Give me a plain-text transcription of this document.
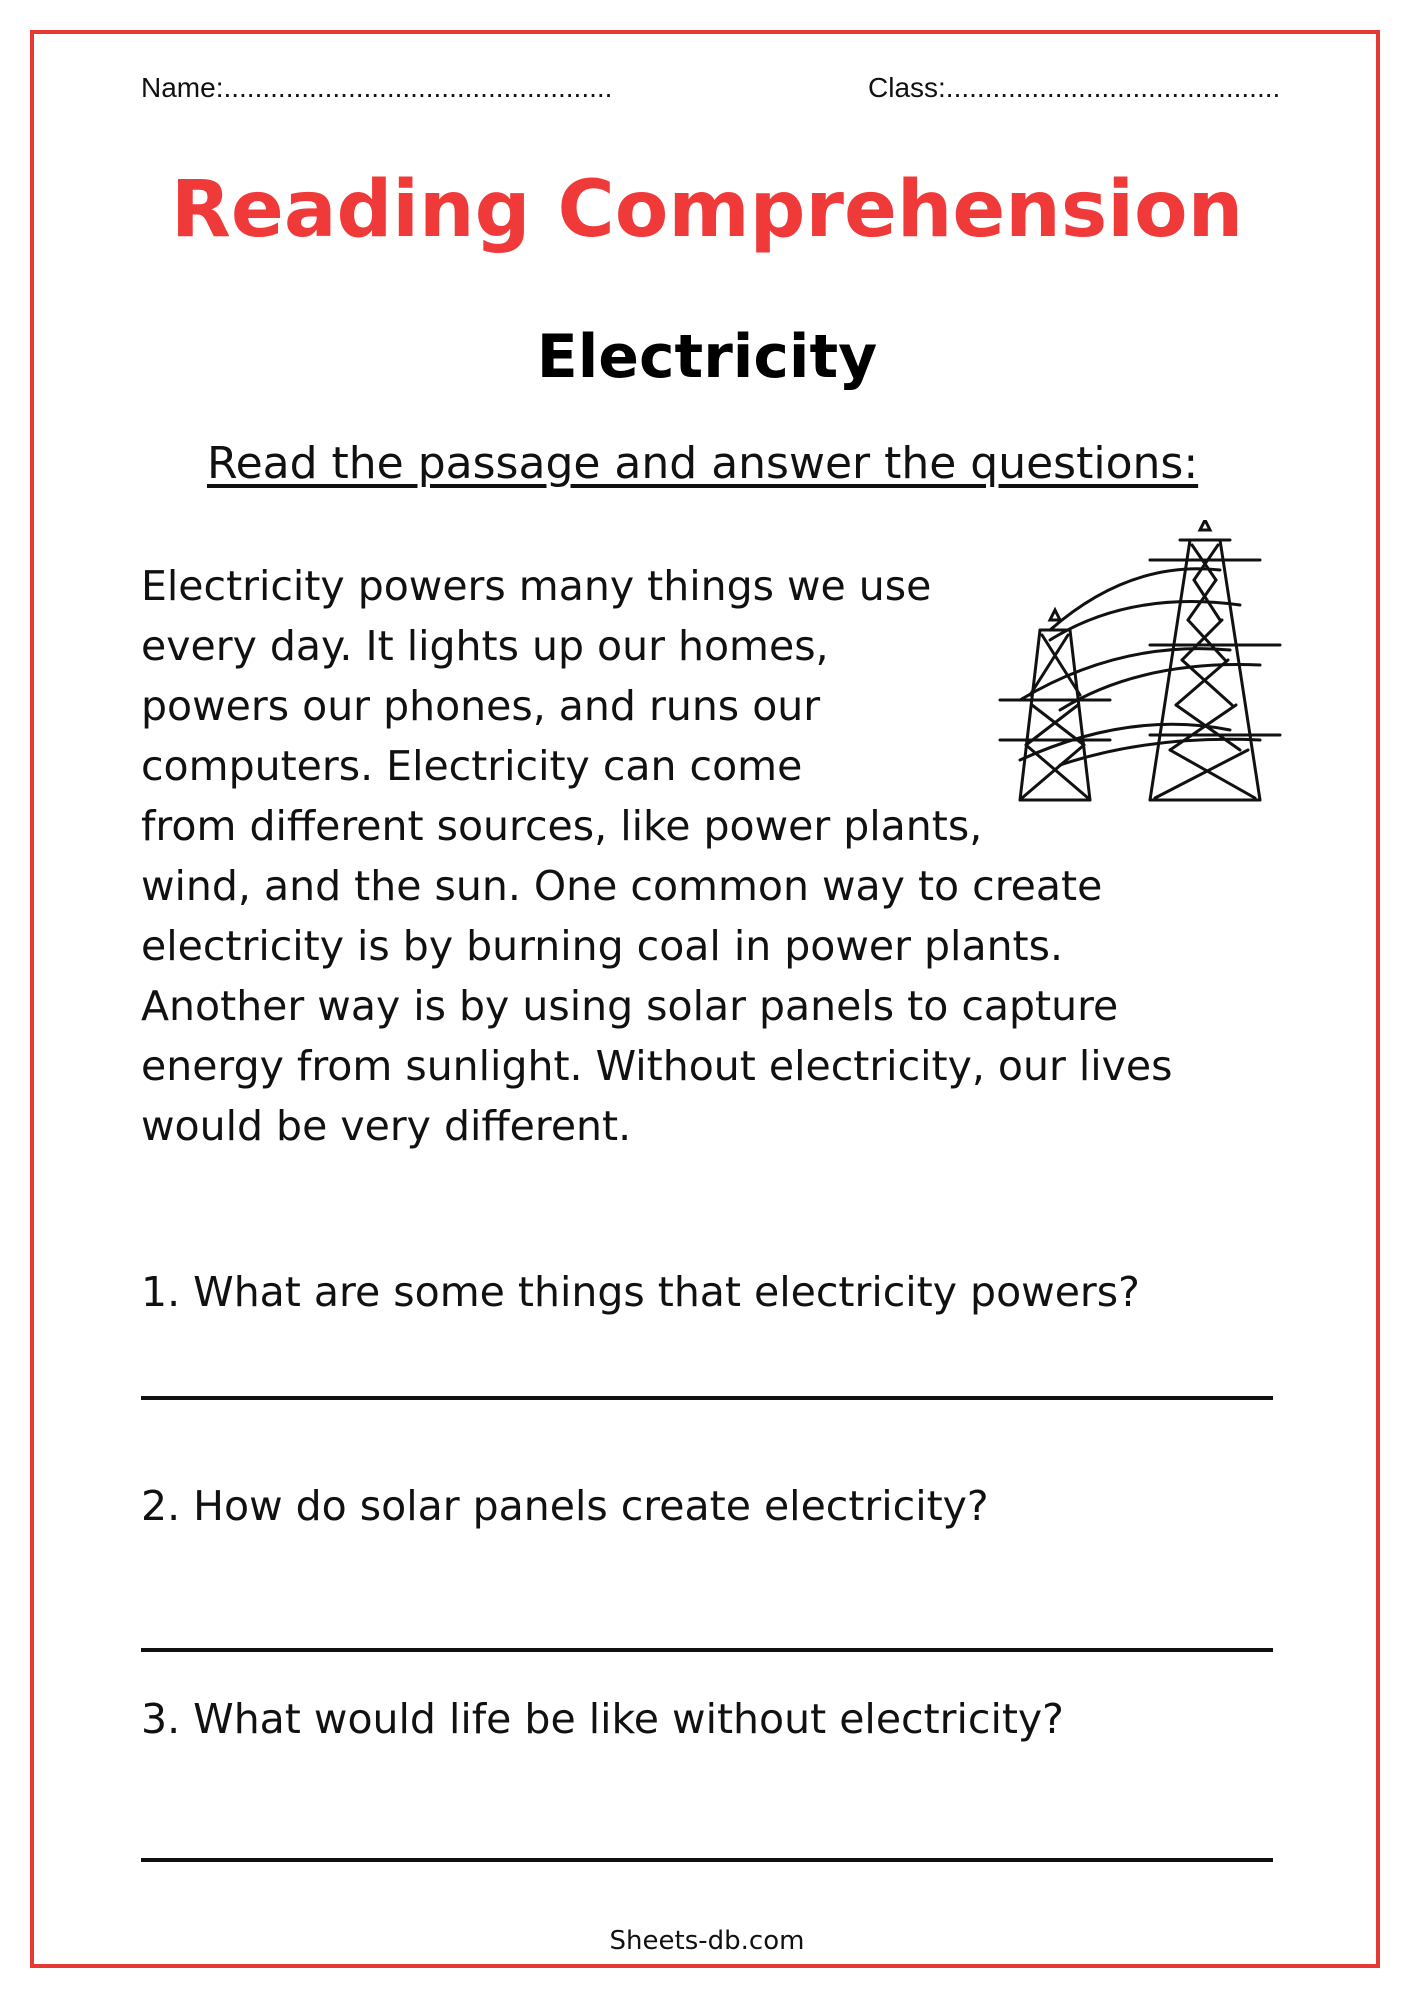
Name:..................................................	Class:...........................................
Reading Comprehension
Electricity

Read the passage and answer the questions:

Electricity powers many things we use
every day. It lights up our homes,
powers our phones, and runs our
computers. Electricity can come
from different sources, like power plants,
wind, and the sun. One common way to create
electricity is by burning coal in power plants.
Another way is by using solar panels to capture
energy from sunlight. Without electricity, our lives
would be very different.

1. What are some things that electricity powers?

2. How do solar panels create electricity?

3. What would life be like without electricity?

Sheets-db.com
